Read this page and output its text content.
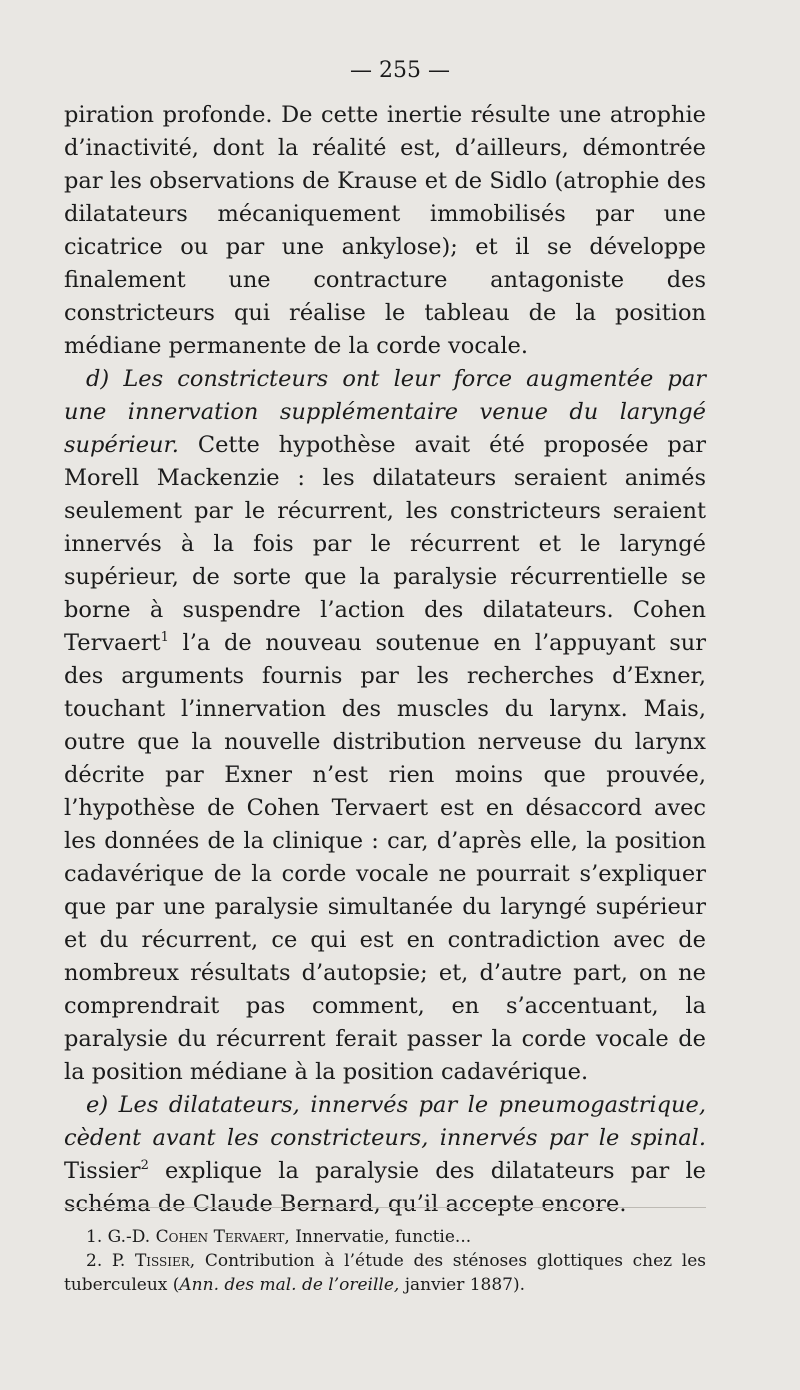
— 255 —

piration profonde. De cette inertie résulte une atrophie d’inactivité, dont la réalité est, d’ailleurs, démontrée par les observations de Krause et de Sidlo (atrophie des dilatateurs mécaniquement immobilisés par une cicatrice ou par une ankylose); et il se développe finalement une contracture antagoniste des constricteurs qui réalise le tableau de la position médiane permanente de la corde vocale.

d) Les constricteurs ont leur force augmentée par une innervation supplémentaire venue du laryngé supérieur. Cette hypothèse avait été proposée par Morell Mackenzie : les dilatateurs seraient animés seulement par le récurrent, les constricteurs seraient innervés à la fois par le récurrent et le laryngé supérieur, de sorte que la paralysie récurrentielle se borne à suspendre l’action des dilatateurs. Cohen Tervaert$^1$ l’a de nouveau soutenue en l’appuyant sur des arguments fournis par les recherches d’Exner, touchant l’innervation des muscles du larynx. Mais, outre que la nouvelle distribution nerveuse du larynx décrite par Exner n’est rien moins que prouvée, l’hypothèse de Cohen Tervaert est en désaccord avec les données de la clinique : car, d’après elle, la position cadavérique de la corde vocale ne pourrait s’expliquer que par une paralysie simultanée du laryngé supérieur et du récurrent, ce qui est en contradiction avec de nombreux résultats d’autopsie; et, d’autre part, on ne comprendrait pas comment, en s’accentuant, la paralysie du récurrent ferait passer la corde vocale de la position médiane à la position cadavérique.

e) Les dilatateurs, innervés par le pneumogastrique, cèdent avant les constricteurs, innervés par le spinal. Tissier$^2$ explique la paralysie des dilatateurs par le schéma de Claude Bernard, qu’il accepte encore.

1. G.-D. Cohen Tervaert, Innervatie, functie...

2. P. Tissier, Contribution à l’étude des sténoses glottiques chez les tuberculeux (Ann. des mal. de l’oreille, janvier 1887).
